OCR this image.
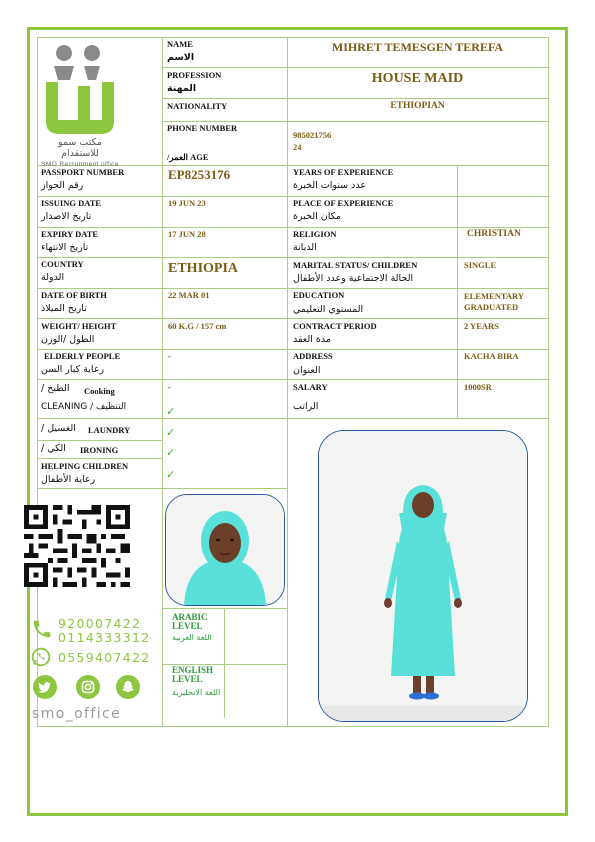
مكتب سمو للاستقدام
SMO Recruitment office
NAME
الاسم
PROFESSION
المهنة
NATIONALITY
PHONE NUMBER
/العمر AGE
MIHRET TEMESGEN TEREFA
HOUSE MAID
ETHIOPIAN
985021756
24
PASSPORT NUMBER
رقم الجواز
ISSUING DATE
تاريخ الاصدار
EXPIRY DATE
تاريخ الانتهاء
COUNTRY
الدولة
DATE OF BIRTH
تاريخ الميلاد
WEIGHT/ HEIGHT
الطول /الوزن
ELDERLY PEOPLE
رعاية كبار السن
الطبخ / Cooking
التنظيف / CLEANING
الغسيل / LAUNDRY
الكي / IRONING
HELPING CHILDREN
رعاية الأطفال
EP8253176
19 JUN 23
17 JUN 28
ETHIOPIA
22 MAR 01
60 K.G / 157 cm
-
-
✓
✓
✓
✓
YEARS OF EXPERIENCE
عدد سنوات الخبرة
PLACE OF EXPERIENCE
مكان الخبرة
RELIGION
الديانة
MARITAL STATUS/ CHILDREN
الحالة الاجتماعية وعدد الأطفال
EDUCATION
المستوي التعليمي
CONTRACT PERIOD
مدة العقد
ADDRESS
العنوان
SALARY
الراتب
CHRISTIAN
SINGLE
ELEMENTARY GRADUATED
2 YEARS
KACHA BIRA
1000SR
920007422
0114333312
0559407422
smo_office
ARABIC LEVEL
اللغة العربية
ENGLISH LEVEL
اللغة الانجليزية
